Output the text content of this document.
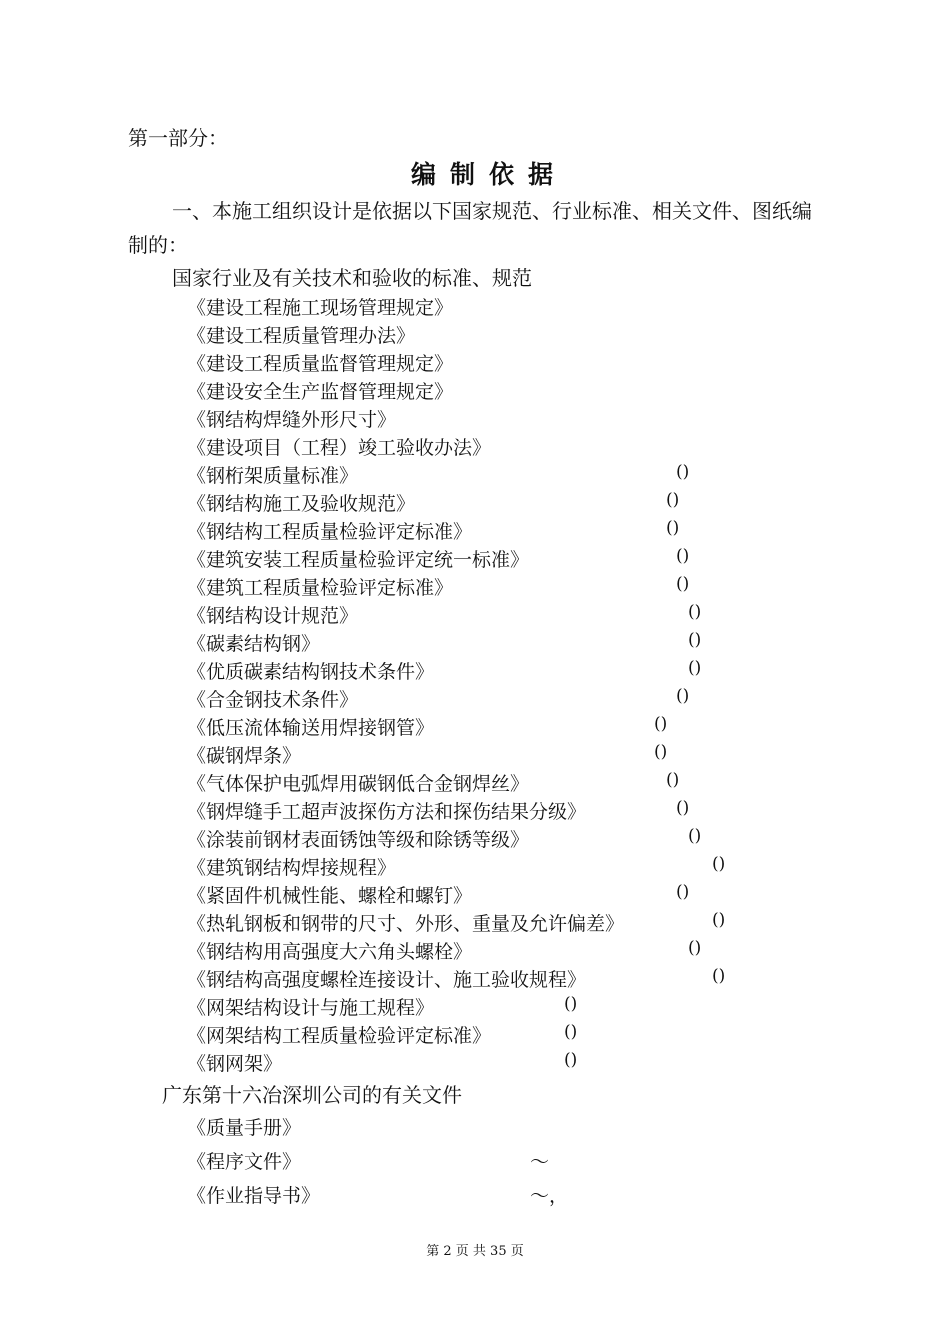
第一部分：
编制依据
一、本施工组织设计是依据以下国家规范、行业标准、相关文件、图纸编
制的：
国家行业及有关技术和验收的标准、规范
《建设工程施工现场管理规定》
《建设工程质量管理办法》
《建设工程质量监督管理规定》
《建设安全生产监督管理规定》
《钢结构焊缝外形尺寸》
《建设项目（工程）竣工验收办法》
《钢桁架质量标准》	()
《钢结构施工及验收规范》	()
《钢结构工程质量检验评定标准》	()
《建筑安装工程质量检验评定统一标准》	()
《建筑工程质量检验评定标准》	()
《钢结构设计规范》	()
《碳素结构钢》	()
《优质碳素结构钢技术条件》	()
《合金钢技术条件》	()
《低压流体输送用焊接钢管》	()
《碳钢焊条》	()
《气体保护电弧焊用碳钢低合金钢焊丝》	()
《钢焊缝手工超声波探伤方法和探伤结果分级》	()
《涂装前钢材表面锈蚀等级和除锈等级》	()
《建筑钢结构焊接规程》	()
《紧固件机械性能、螺栓和螺钉》	()
《热轧钢板和钢带的尺寸、外形、重量及允许偏差》	()
《钢结构用高强度大六角头螺栓》	()
《钢结构高强度螺栓连接设计、施工验收规程》	()
《网架结构设计与施工规程》	()
《网架结构工程质量检验评定标准》	()
《钢网架》	()
广东第十六冶深圳公司的有关文件
《质量手册》
《程序文件》	～
《作业指导书》	～，
第 2 页 共 35 页
